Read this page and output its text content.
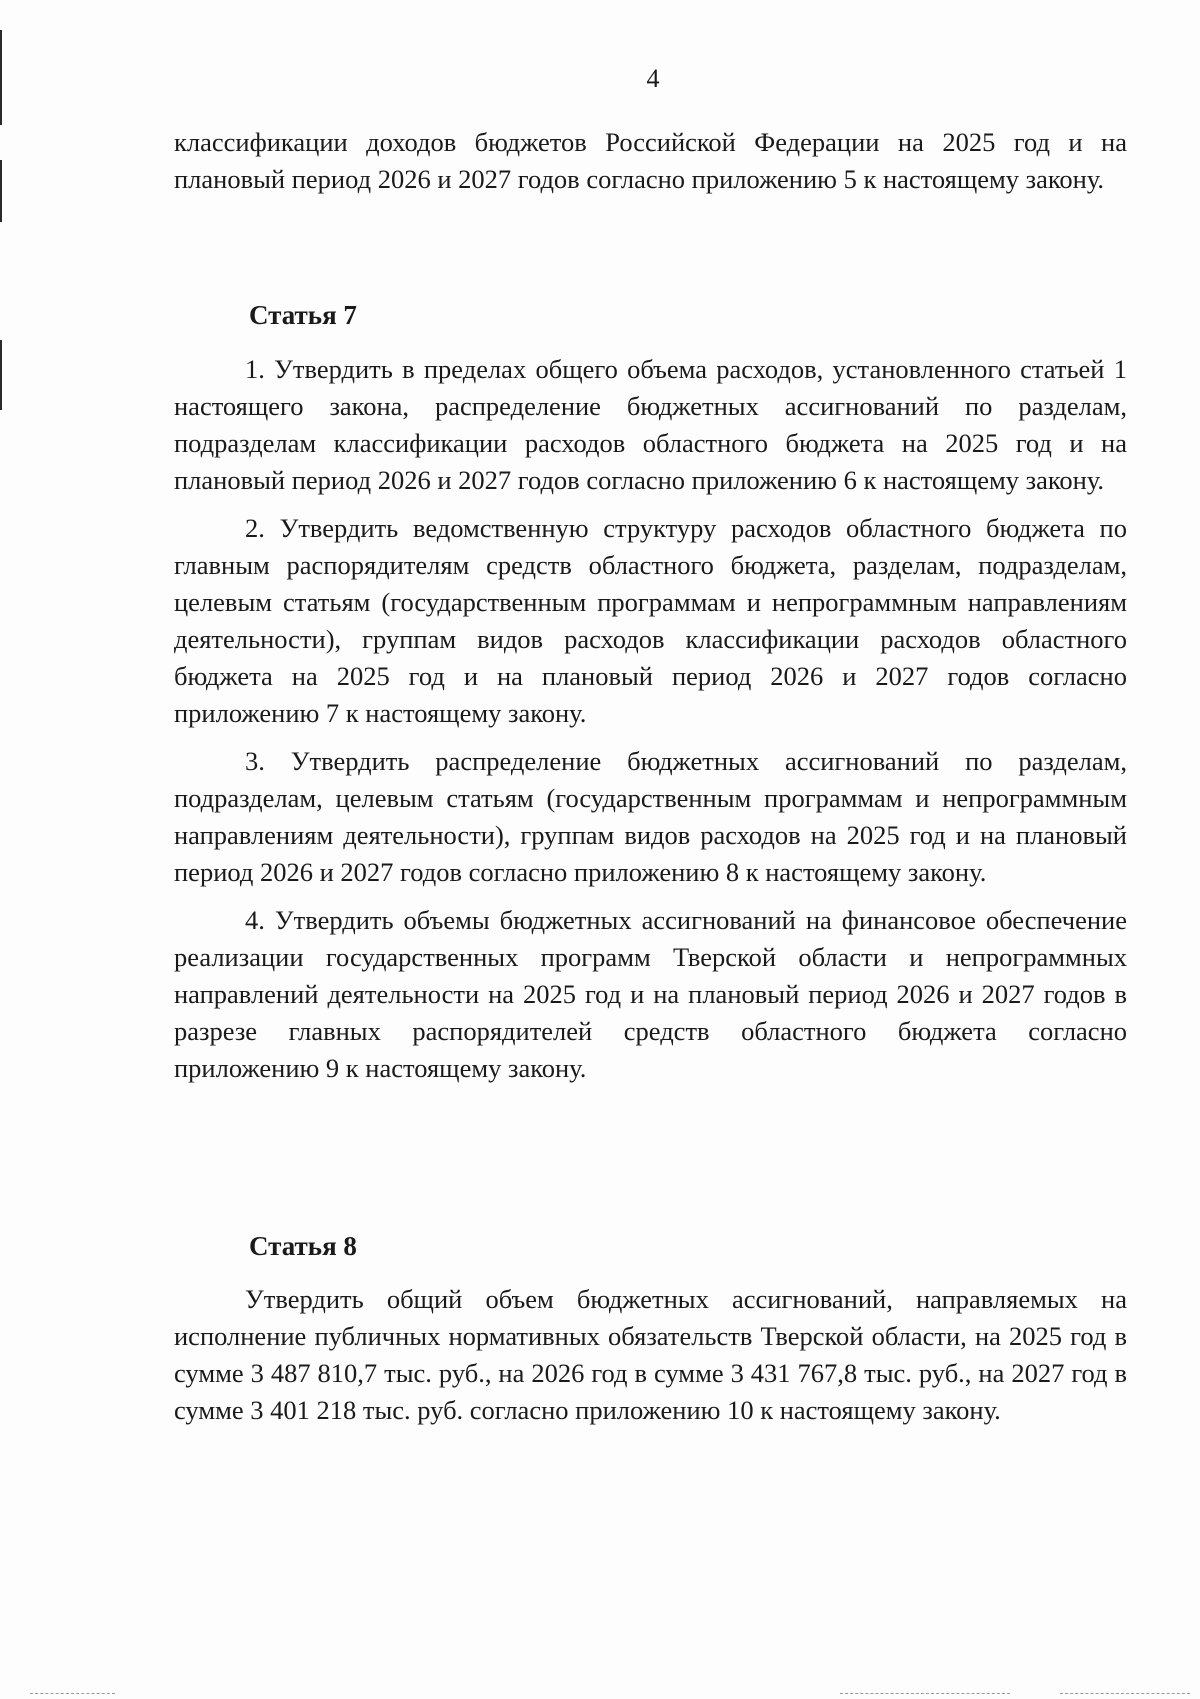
4

классификации доходов бюджетов Российской Федерации на 2025 год и на плановый период 2026 и 2027 годов согласно приложению 5 к настоящему закону.

Статья 7

1. Утвердить в пределах общего объема расходов, установленного статьей 1 настоящего закона, распределение бюджетных ассигнований по разделам, подразделам классификации расходов областного бюджета на 2025 год и на плановый период 2026 и 2027 годов согласно приложению 6 к настоящему закону.

2. Утвердить ведомственную структуру расходов областного бюджета по главным распорядителям средств областного бюджета, разделам, подразделам, целевым статьям (государственным программам и непрограммным направлениям деятельности), группам видов расходов классификации расходов областного бюджета на 2025 год и на плановый период 2026 и 2027 годов согласно приложению 7 к настоящему закону.

3. Утвердить распределение бюджетных ассигнований по разделам, подразделам, целевым статьям (государственным программам и непрограммным направлениям деятельности), группам видов расходов на 2025 год и на плановый период 2026 и 2027 годов согласно приложению 8 к настоящему закону.

4. Утвердить объемы бюджетных ассигнований на финансовое обеспечение реализации государственных программ Тверской области и непрограммных направлений деятельности на 2025 год и на плановый период 2026 и 2027 годов в разрезе главных распорядителей средств областного бюджета согласно приложению 9 к настоящему закону.

Статья 8

Утвердить общий объем бюджетных ассигнований, направляемых на исполнение публичных нормативных обязательств Тверской области, на 2025 год в сумме 3 487 810,7 тыс. руб., на 2026 год в сумме 3 431 767,8 тыс. руб., на 2027 год в сумме 3 401 218 тыс. руб. согласно приложению 10 к настоящему закону.
